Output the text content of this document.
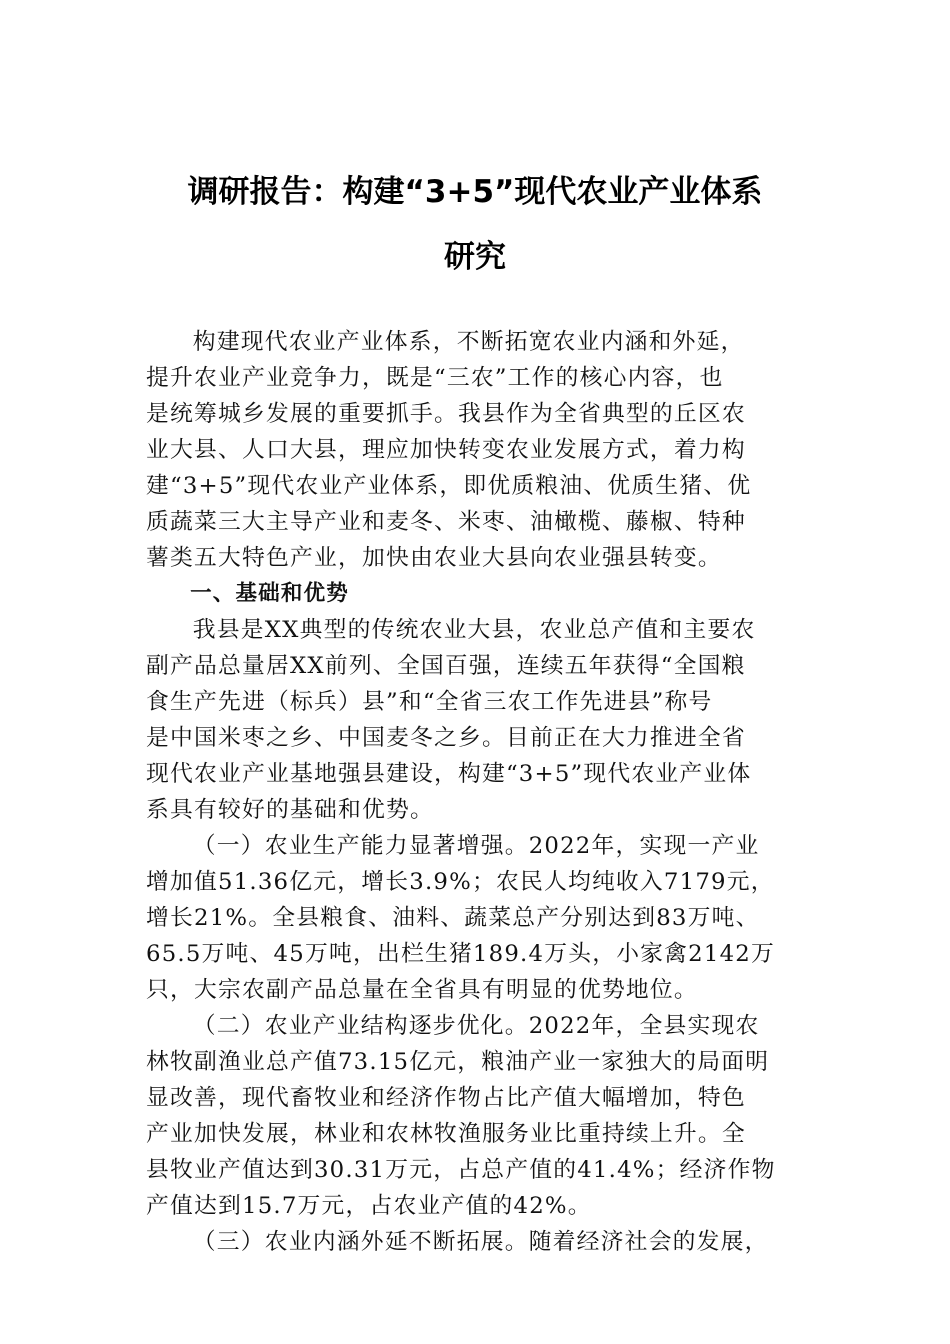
调研报告：构建“3+5”现代农业产业体系
研究

构建现代农业产业体系，不断拓宽农业内涵和外延，
提升农业产业竞争力，既是“三农”工作的核心内容，也
是统筹城乡发展的重要抓手。我县作为全省典型的丘区农
业大县、人口大县，理应加快转变农业发展方式，着力构
建“3+5”现代农业产业体系，即优质粮油、优质生猪、优
质蔬菜三大主导产业和麦冬、米枣、油橄榄、藤椒、特种
薯类五大特色产业，加快由农业大县向农业强县转变。

一、基础和优势

我县是XX典型的传统农业大县，农业总产值和主要农
副产品总量居XX前列、全国百强，连续五年获得“全国粮
食生产先进（标兵）县”和“全省三农工作先进县”称号
是中国米枣之乡、中国麦冬之乡。目前正在大力推进全省
现代农业产业基地强县建设，构建“3+5”现代农业产业体
系具有较好的基础和优势。

（一）农业生产能力显著增强。2022年，实现一产业
增加值51.36亿元，增长3.9%；农民人均纯收入7179元，
增长21%。全县粮食、油料、蔬菜总产分别达到83万吨、
65.5万吨、45万吨，出栏生猪189.4万头，小家禽2142万
只，大宗农副产品总量在全省具有明显的优势地位。

（二）农业产业结构逐步优化。2022年，全县实现农
林牧副渔业总产值73.15亿元，粮油产业一家独大的局面明
显改善，现代畜牧业和经济作物占比产值大幅增加，特色
产业加快发展，林业和农林牧渔服务业比重持续上升。全
县牧业产值达到30.31万元，占总产值的41.4%；经济作物
产值达到15.7万元，占农业产值的42%。

（三）农业内涵外延不断拓展。随着经济社会的发展，
